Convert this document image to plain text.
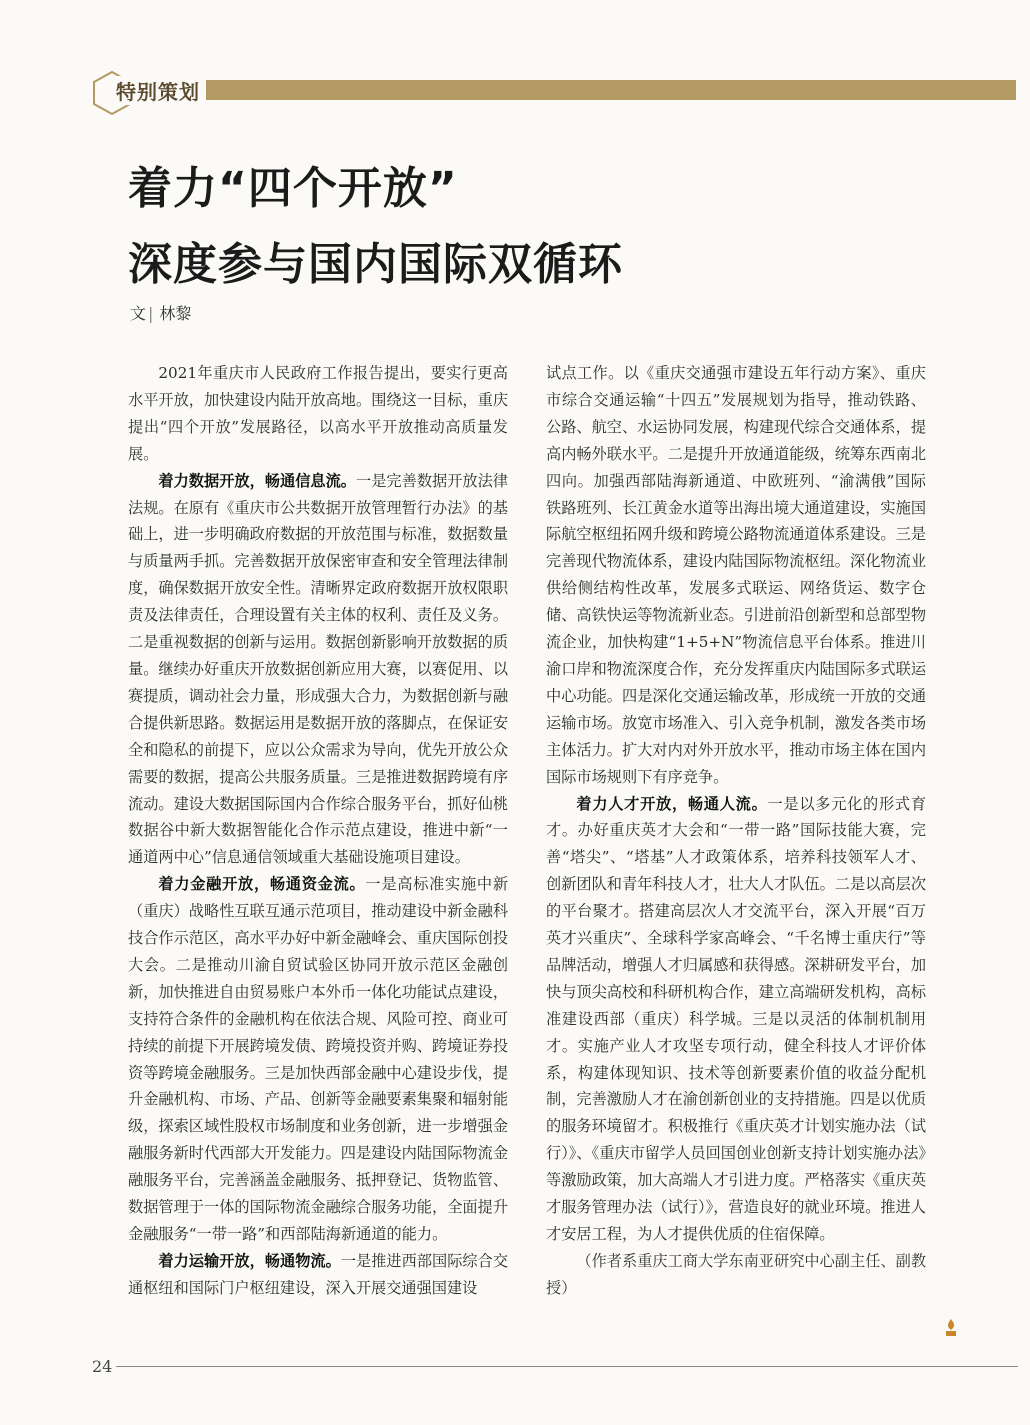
特别策划
着力“四个开放”
深度参与国内国际双循环
文 | 林黎

2021年重庆市人民政府工作报告提出，要实行更高水平开放，加快建设内陆开放高地。围绕这一目标，重庆提出“四个开放”发展路径，以高水平开放推动高质量发展。

着力数据开放，畅通信息流。一是完善数据开放法律法规。在原有《重庆市公共数据开放管理暂行办法》的基础上，进一步明确政府数据的开放范围与标准，数据数量与质量两手抓。完善数据开放保密审查和安全管理法律制度，确保数据开放安全性。清晰界定政府数据开放权限职责及法律责任，合理设置有关主体的权利、责任及义务。二是重视数据的创新与运用。数据创新影响开放数据的质量。继续办好重庆开放数据创新应用大赛，以赛促用、以赛提质，调动社会力量，形成强大合力，为数据创新与融合提供新思路。数据运用是数据开放的落脚点，在保证安全和隐私的前提下，应以公众需求为导向，优先开放公众需要的数据，提高公共服务质量。三是推进数据跨境有序流动。建设大数据国际国内合作综合服务平台，抓好仙桃数据谷中新大数据智能化合作示范点建设，推进中新“一通道两中心”信息通信领域重大基础设施项目建设。

着力金融开放，畅通资金流。一是高标准实施中新（重庆）战略性互联互通示范项目，推动建设中新金融科技合作示范区，高水平办好中新金融峰会、重庆国际创投大会。二是推动川渝自贸试验区协同开放示范区金融创新，加快推进自由贸易账户本外币一体化功能试点建设，支持符合条件的金融机构在依法合规、风险可控、商业可持续的前提下开展跨境发债、跨境投资并购、跨境证券投资等跨境金融服务。三是加快西部金融中心建设步伐，提升金融机构、市场、产品、创新等金融要素集聚和辐射能级，探索区域性股权市场制度和业务创新，进一步增强金融服务新时代西部大开发能力。四是建设内陆国际物流金融服务平台，完善涵盖金融服务、抵押登记、货物监管、数据管理于一体的国际物流金融综合服务功能，全面提升金融服务“一带一路”和西部陆海新通道的能力。

着力运输开放，畅通物流。一是推进西部国际综合交通枢纽和国际门户枢纽建设，深入开展交通强国建设

试点工作。以《重庆交通强市建设五年行动方案》、重庆市综合交通运输“十四五”发展规划为指导，推动铁路、公路、航空、水运协同发展，构建现代综合交通体系，提高内畅外联水平。二是提升开放通道能级，统筹东西南北四向。加强西部陆海新通道、中欧班列、“渝满俄”国际铁路班列、长江黄金水道等出海出境大通道建设，实施国际航空枢纽拓网升级和跨境公路物流通道体系建设。三是完善现代物流体系，建设内陆国际物流枢纽。深化物流业供给侧结构性改革，发展多式联运、网络货运、数字仓储、高铁快运等物流新业态。引进前沿创新型和总部型物流企业，加快构建“1+5+N”物流信息平台体系。推进川渝口岸和物流深度合作，充分发挥重庆内陆国际多式联运中心功能。四是深化交通运输改革，形成统一开放的交通运输市场。放宽市场准入、引入竞争机制，激发各类市场主体活力。扩大对内对外开放水平，推动市场主体在国内国际市场规则下有序竞争。

着力人才开放，畅通人流。一是以多元化的形式育才。办好重庆英才大会和“一带一路”国际技能大赛，完善“塔尖”、“塔基”人才政策体系，培养科技领军人才、创新团队和青年科技人才，壮大人才队伍。二是以高层次的平台聚才。搭建高层次人才交流平台，深入开展“百万英才兴重庆”、全球科学家高峰会、“千名博士重庆行”等品牌活动，增强人才归属感和获得感。深耕研发平台，加快与顶尖高校和科研机构合作，建立高端研发机构，高标准建设西部（重庆）科学城。三是以灵活的体制机制用才。实施产业人才攻坚专项行动，健全科技人才评价体系，构建体现知识、技术等创新要素价值的收益分配机制，完善激励人才在渝创新创业的支持措施。四是以优质的服务环境留才。积极推行《重庆英才计划实施办法（试行）》、《重庆市留学人员回国创业创新支持计划实施办法》等激励政策，加大高端人才引进力度。严格落实《重庆英才服务管理办法（试行）》，营造良好的就业环境。推进人才安居工程，为人才提供优质的住宿保障。

（作者系重庆工商大学东南亚研究中心副主任、副教授）

24
